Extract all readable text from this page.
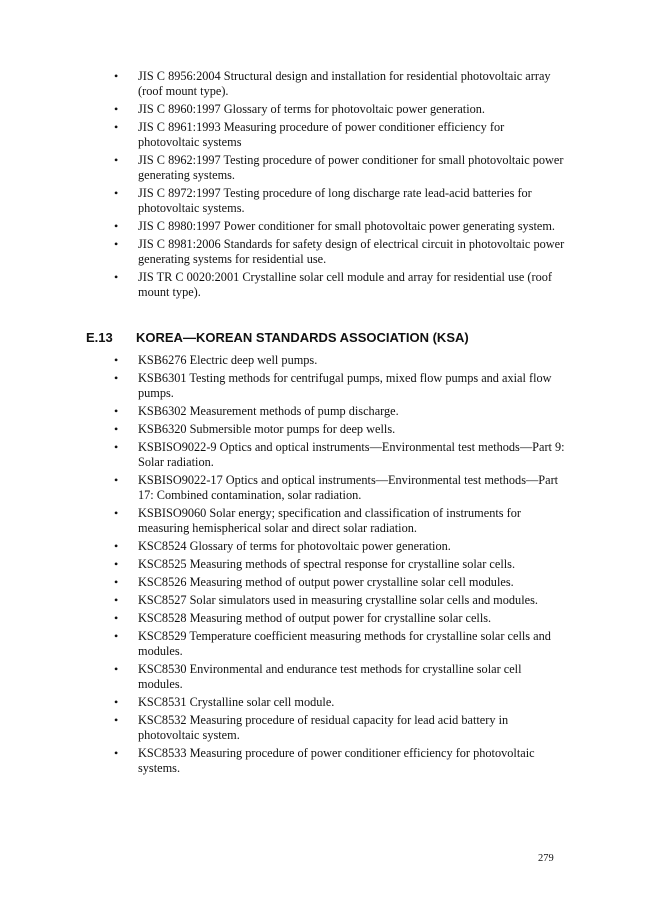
•	JIS C 8956:2004 Structural design and installation for residential photovoltaic array (roof mount type).
•	JIS C 8960:1997 Glossary of terms for photovoltaic power generation.
•	JIS C 8961:1993 Measuring procedure of power conditioner efficiency for photovoltaic systems
•	JIS C 8962:1997 Testing procedure of power conditioner for small photovoltaic power generating systems.
•	JIS C 8972:1997 Testing procedure of long discharge rate lead-acid batteries for photovoltaic systems.
•	JIS C 8980:1997 Power conditioner for small photovoltaic power generating system.
•	JIS C 8981:2006 Standards for safety design of electrical circuit in photovoltaic power generating systems for residential use.
•	JIS TR C 0020:2001 Crystalline solar cell module and array for residential use (roof mount type).
E.13 KOREA—KOREAN STANDARDS ASSOCIATION (KSA)
•	KSB6276 Electric deep well pumps.
•	KSB6301 Testing methods for centrifugal pumps, mixed flow pumps and axial flow pumps.
•	KSB6302 Measurement methods of pump discharge.
•	KSB6320 Submersible motor pumps for deep wells.
•	KSBISO9022-9 Optics and optical instruments—Environmental test methods—Part 9: Solar radiation.
•	KSBISO9022-17 Optics and optical instruments—Environmental test methods—Part 17: Combined contamination, solar radiation.
•	KSBISO9060 Solar energy; specification and classification of instruments for measuring hemispherical solar and direct solar radiation.
•	KSC8524 Glossary of terms for photovoltaic power generation.
•	KSC8525 Measuring methods of spectral response for crystalline solar cells.
•	KSC8526 Measuring method of output power crystalline solar cell modules.
•	KSC8527 Solar simulators used in measuring crystalline solar cells and modules.
•	KSC8528 Measuring method of output power for crystalline solar cells.
•	KSC8529 Temperature coefficient measuring methods for crystalline solar cells and modules.
•	KSC8530 Environmental and endurance test methods for crystalline solar cell modules.
•	KSC8531 Crystalline solar cell module.
•	KSC8532 Measuring procedure of residual capacity for lead acid battery in photovoltaic system.
•	KSC8533 Measuring procedure of power conditioner efficiency for photovoltaic systems.
279
